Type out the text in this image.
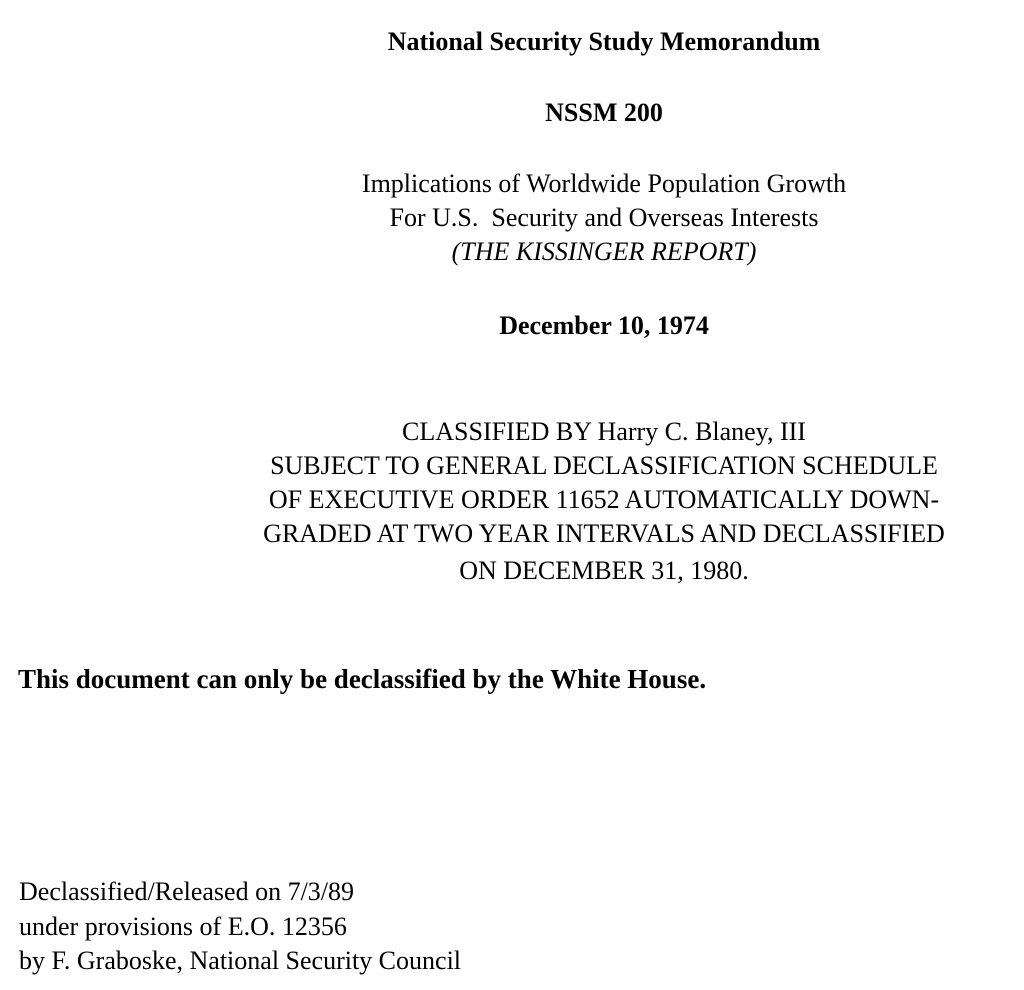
National Security Study Memorandum
NSSM 200
Implications of Worldwide Population Growth
For U.S.  Security and Overseas Interests
(THE KISSINGER REPORT)
December 10, 1974
CLASSIFIED BY Harry C. Blaney, III
SUBJECT TO GENERAL DECLASSIFICATION SCHEDULE
OF EXECUTIVE ORDER 11652 AUTOMATICALLY DOWN-
GRADED AT TWO YEAR INTERVALS AND DECLASSIFIED
ON DECEMBER 31, 1980.
This document can only be declassified by the White House.
Declassified/Released on 7/3/89
under provisions of E.O. 12356
by F. Graboske, National Security Council
